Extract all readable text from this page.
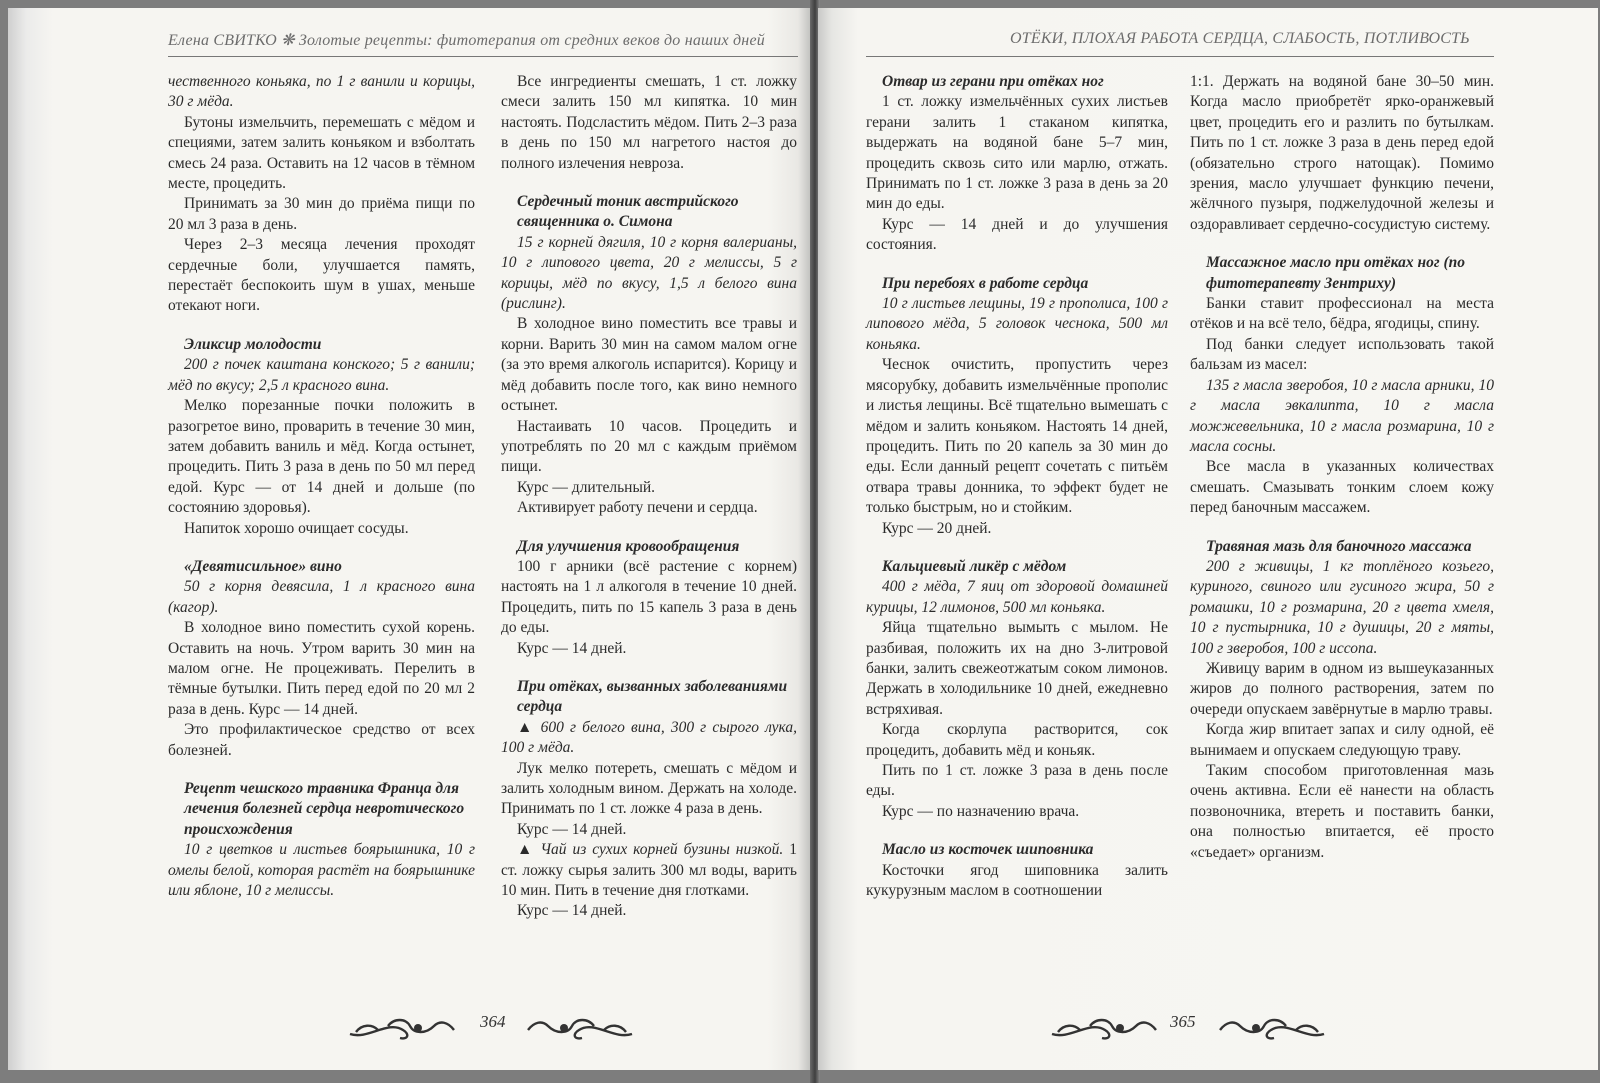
Елена СВИТКО ❋ Золотые рецепты: фитотерапия от средних веков до наших дней

чественного коньяка, по 1 г ванили и корицы, 30 г мёда.

Бутоны измельчить, перемешать с мёдом и специями, затем залить коньяком и взболтать смесь 24 раза. Оставить на 12 часов в тёмном месте, процедить.

Принимать за 30 мин до приёма пищи по 20 мл 3 раза в день.

Через 2–3 месяца лечения проходят сердечные боли, улучшается память, перестаёт беспокоить шум в ушах, меньше отекают ноги.

Эликсир молодости

200 г почек каштана конского; 5 г ванили; мёд по вкусу; 2,5 л красного вина.

Мелко порезанные почки положить в разогретое вино, проварить в течение 30 мин, затем добавить ваниль и мёд. Когда остынет, процедить. Пить 3 раза в день по 50 мл перед едой. Курс — от 14 дней и дольше (по состоянию здоровья).

Напиток хорошо очищает сосуды.

«Девятисильное» вино

50 г корня девясила, 1 л красного вина (кагор).

В холодное вино поместить сухой корень. Оставить на ночь. Утром варить 30 мин на малом огне. Не процеживать. Перелить в тёмные бутылки. Пить перед едой по 20 мл 2 раза в день. Курс — 14 дней.

Это профилактическое средство от всех болезней.

Рецепт чешского травника Франца для лечения болезней сердца невротического происхождения

10 г цветков и листьев боярышника, 10 г омелы белой, которая растёт на боярышнике или яблоне, 10 г мелиссы.

Все ингредиенты смешать, 1 ст. ложку смеси залить 150 мл кипятка. 10 мин настоять. Подсластить мёдом. Пить 2–3 раза в день по 150 мл нагретого настоя до полного излечения невроза.

Сердечный тоник австрийского священника о. Симона

15 г корней дягиля, 10 г корня валерианы, 10 г липового цвета, 20 г мелиссы, 5 г корицы, мёд по вкусу, 1,5 л белого вина (рислинг).

В холодное вино поместить все травы и корни. Варить 30 мин на самом малом огне (за это время алкоголь испарится). Корицу и мёд добавить после того, как вино немного остынет.

Настаивать 10 часов. Процедить и употреблять по 20 мл с каждым приёмом пищи.

Курс — длительный.

Активирует работу печени и сердца.

Для улучшения кровообращения

100 г арники (всё растение с корнем) настоять на 1 л алкоголя в течение 10 дней. Процедить, пить по 15 капель 3 раза в день до еды.

Курс — 14 дней.

При отёках, вызванных заболеваниями сердца

▲ 600 г белого вина, 300 г сырого лука, 100 г мёда.

Лук мелко потереть, смешать с мёдом и залить холодным вином. Держать на холоде. Принимать по 1 ст. ложке 4 раза в день.

Курс — 14 дней.

▲ Чай из сухих корней бузины низкой. 1 ст. ложку сырья залить 300 мл воды, варить 10 мин. Пить в течение дня глотками.

Курс — 14 дней.

364
ОТЁКИ, ПЛОХАЯ РАБОТА СЕРДЦА, СЛАБОСТЬ, ПОТЛИВОСТЬ
Отвар из герани при отёках ног

1 ст. ложку измельчённых сухих листьев герани залить 1 стаканом кипятка, выдержать на водяной бане 5–7 мин, процедить сквозь сито или марлю, отжать. Принимать по 1 ст. ложке 3 раза в день за 20 мин до еды.

Курс — 14 дней и до улучшения состояния.

При перебоях в работе сердца

10 г листьев лещины, 19 г прополиса, 100 г липового мёда, 5 головок чеснока, 500 мл коньяка.

Чеснок очистить, пропустить через мясорубку, добавить измельчённые прополис и листья лещины. Всё тщательно вымешать с мёдом и залить коньяком. Настоять 14 дней, процедить. Пить по 20 капель за 30 мин до еды. Если данный рецепт сочетать с питьём отвара травы донника, то эффект будет не только быстрым, но и стойким.

Курс — 20 дней.

Кальциевый ликёр с мёдом

400 г мёда, 7 яиц от здоровой домашней курицы, 12 лимонов, 500 мл коньяка.

Яйца тщательно вымыть с мылом. Не разбивая, положить их на дно 3-литровой банки, залить свежеотжатым соком лимонов. Держать в холодильнике 10 дней, ежедневно встряхивая.

Когда скорлупа растворится, сок процедить, добавить мёд и коньяк.

Пить по 1 ст. ложке 3 раза в день после еды.

Курс — по назначению врача.

Масло из косточек шиповника

Косточки ягод шиповника залить кукурузным маслом в соотношении

1:1. Держать на водяной бане 30–50 мин. Когда масло приобретёт ярко-оранжевый цвет, процедить его и разлить по бутылкам. Пить по 1 ст. ложке 3 раза в день перед едой (обязательно строго натощак). Помимо зрения, масло улучшает функцию печени, жёлчного пузыря, поджелудочной железы и оздоравливает сердечно-сосудистую систему.

Массажное масло при отёках ног (по фитотерапевту Зентриху)

Банки ставит профессионал на места отёков и на всё тело, бёдра, ягодицы, спину.

Под банки следует использовать такой бальзам из масел:

135 г масла зверобоя, 10 г масла арники, 10 г масла эвкалипта, 10 г масла можжевельника, 10 г масла розмарина, 10 г масла сосны.

Все масла в указанных количествах смешать. Смазывать тонким слоем кожу перед баночным массажем.

Травяная мазь для баночного массажа

200 г живицы, 1 кг топлёного козьего, куриного, свиного или гусиного жира, 50 г ромашки, 10 г розмарина, 20 г цвета хмеля, 10 г пустырника, 10 г душицы, 20 г мяты, 100 г зверобоя, 100 г иссопа.

Живицу варим в одном из вышеуказанных жиров до полного растворения, затем по очереди опускаем завёрнутые в марлю травы.

Когда жир впитает запах и силу одной, её вынимаем и опускаем следующую траву.

Таким способом приготовленная мазь очень активна. Если её нанести на область позвоночника, втереть и поставить банки, она полностью впитается, её просто «съедает» организм.

365
